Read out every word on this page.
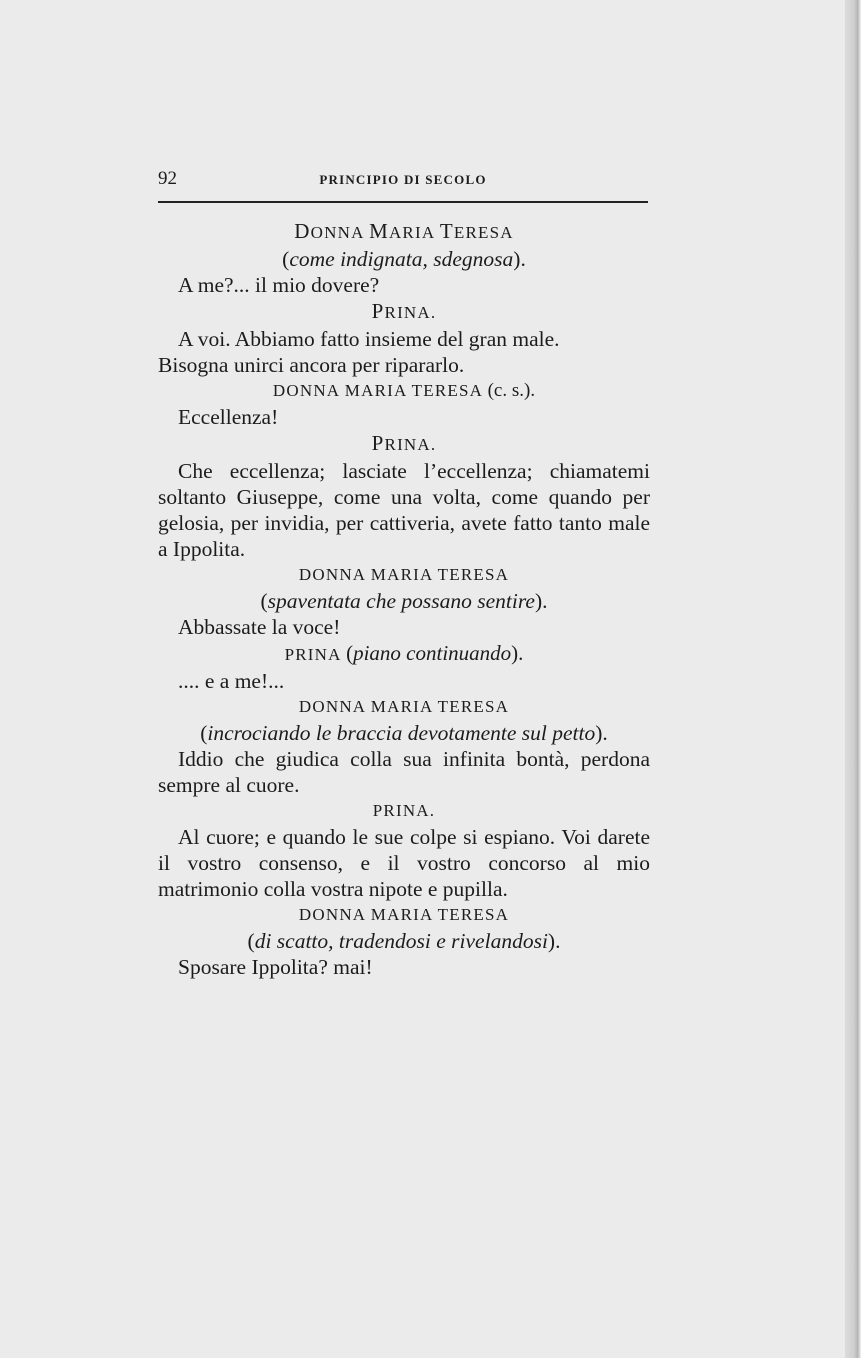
92	PRINCIPIO DI SECOLO

DONNA MARIA TERESA

(come indignata, sdegnosa).

A me?... il mio dovere?

PRINA.

A voi. Abbiamo fatto insieme del gran male.

Bisogna unirci ancora per ripararlo.

DONNA MARIA TERESA (c. s.).

Eccellenza!

PRINA.

Che eccellenza; lasciate l’eccellenza; chiamatemi soltanto Giuseppe, come una volta, come quando per gelosia, per invidia, per cattiveria, avete fatto tanto male a Ippolita.

DONNA MARIA TERESA

(spaventata che possano sentire).

Abbassate la voce!

PRINA (piano continuando).

.... e a me!...

DONNA MARIA TERESA

(incrociando le braccia devotamente sul petto).

Iddio che giudica colla sua infinita bontà, perdona sempre al cuore.

PRINA.

Al cuore; e quando le sue colpe si espiano. Voi darete il vostro consenso, e il vostro concorso al mio matrimonio colla vostra nipote e pupilla.

DONNA MARIA TERESA

(di scatto, tradendosi e rivelandosi).

Sposare Ippolita? mai!
